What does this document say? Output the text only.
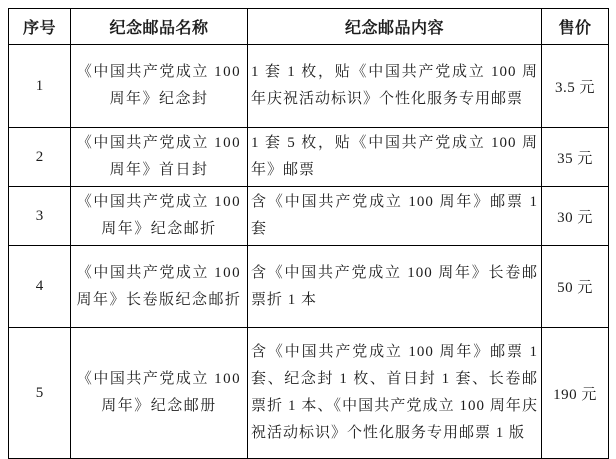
序号	纪念邮品名称	纪念邮品内容	售价
1	《中国共产党成立 100 周年》纪念封	1 套 1 枚，贴《中国共产党成立 100 周年庆祝活动标识》个性化服务专用邮票	3.5 元
2	《中国共产党成立 100 周年》首日封	1 套 5 枚，贴《中国共产党成立 100 周年》邮票	35 元
3	《中国共产党成立 100 周年》纪念邮折	含《中国共产党成立 100 周年》邮票 1 套	30 元
4	《中国共产党成立 100 周年》长卷版纪念邮折	含《中国共产党成立 100 周年》长卷邮票折 1 本	50 元
5	《中国共产党成立 100 周年》纪念邮册	含《中国共产党成立 100 周年》邮票 1 套、纪念封 1 枚、首日封 1 套、长卷邮票折 1 本、《中国共产党成立 100 周年庆祝活动标识》个性化服务专用邮票 1 版	190 元
